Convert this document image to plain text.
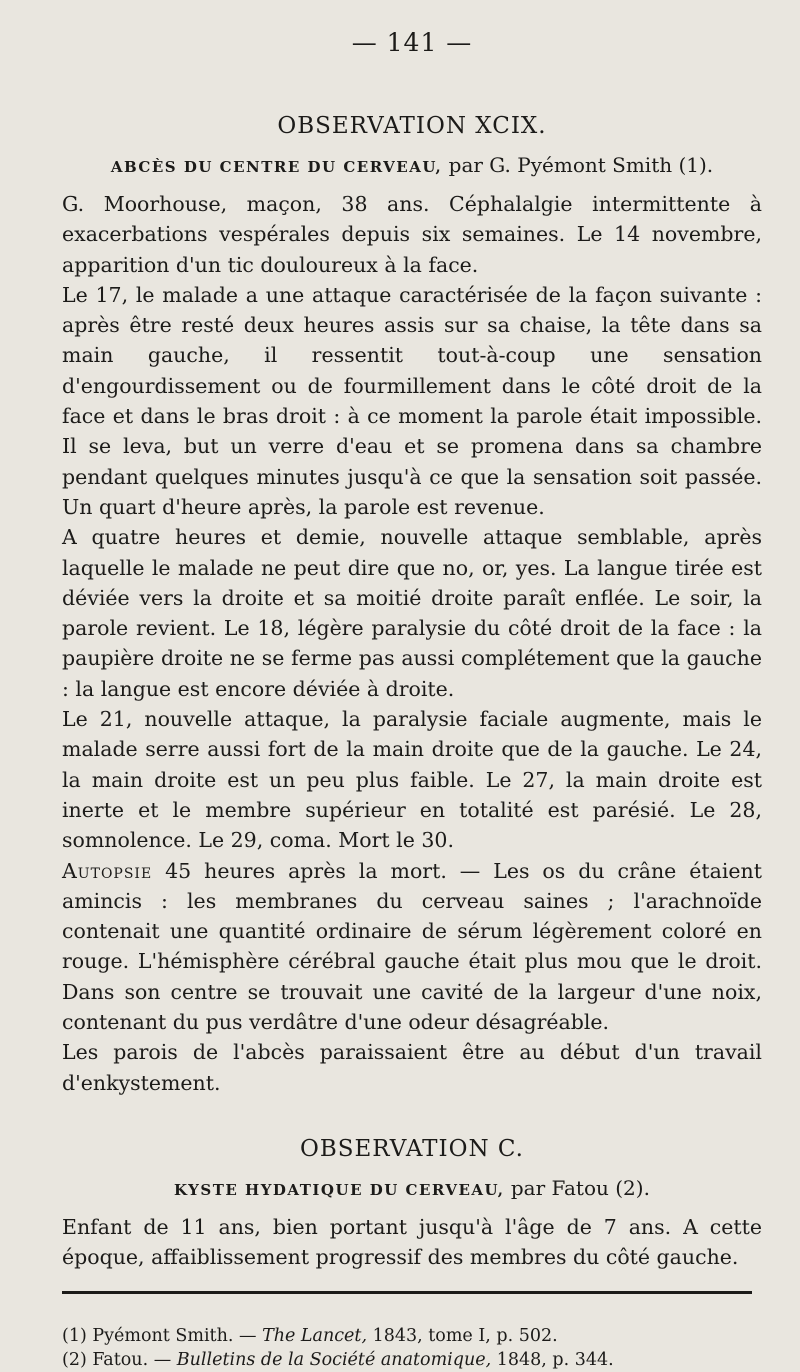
— 141 —
OBSERVATION XCIX.
ABCÈS DU CENTRE DU CERVEAU, par G. Pyémont Smith (1).

G. Moorhouse, maçon, 38 ans. Céphalalgie intermittente à exacerbations vespérales depuis six semaines. Le 14 novembre, apparition d'un tic douloureux à la face.

Le 17, le malade a une attaque caractérisée de la façon suivante : après être resté deux heures assis sur sa chaise, la tête dans sa main gauche, il ressentit tout-à-coup une sensation d'engourdissement ou de fourmillement dans le côté droit de la face et dans le bras droit : à ce moment la parole était impossible. Il se leva, but un verre d'eau et se promena dans sa chambre pendant quelques minutes jusqu'à ce que la sensation soit passée. Un quart d'heure après, la parole est revenue.

A quatre heures et demie, nouvelle attaque semblable, après laquelle le malade ne peut dire que no, or, yes. La langue tirée est déviée vers la droite et sa moitié droite paraît enflée. Le soir, la parole revient. Le 18, légère paralysie du côté droit de la face : la paupière droite ne se ferme pas aussi complétement que la gauche : la langue est encore déviée à droite.

Le 21, nouvelle attaque, la paralysie faciale augmente, mais le malade serre aussi fort de la main droite que de la gauche. Le 24, la main droite est un peu plus faible. Le 27, la main droite est inerte et le membre supérieur en totalité est parésié. Le 28, somnolence. Le 29, coma. Mort le 30.

Autopsie 45 heures après la mort. — Les os du crâne étaient amincis : les membranes du cerveau saines ; l'arachnoïde contenait une quantité ordinaire de sérum légèrement coloré en rouge. L'hémisphère cérébral gauche était plus mou que le droit. Dans son centre se trouvait une cavité de la largeur d'une noix, contenant du pus verdâtre d'une odeur désagréable.

Les parois de l'abcès paraissaient être au début d'un travail d'enkystement.

OBSERVATION C.
KYSTE HYDATIQUE DU CERVEAU, par Fatou (2).

Enfant de 11 ans, bien portant jusqu'à l'âge de 7 ans. A cette époque, affaiblissement progressif des membres du côté gauche.

(1) Pyémont Smith. — The Lancet, 1843, tome I, p. 502.
(2) Fatou. — Bulletins de la Société anatomique, 1848, p. 344.
